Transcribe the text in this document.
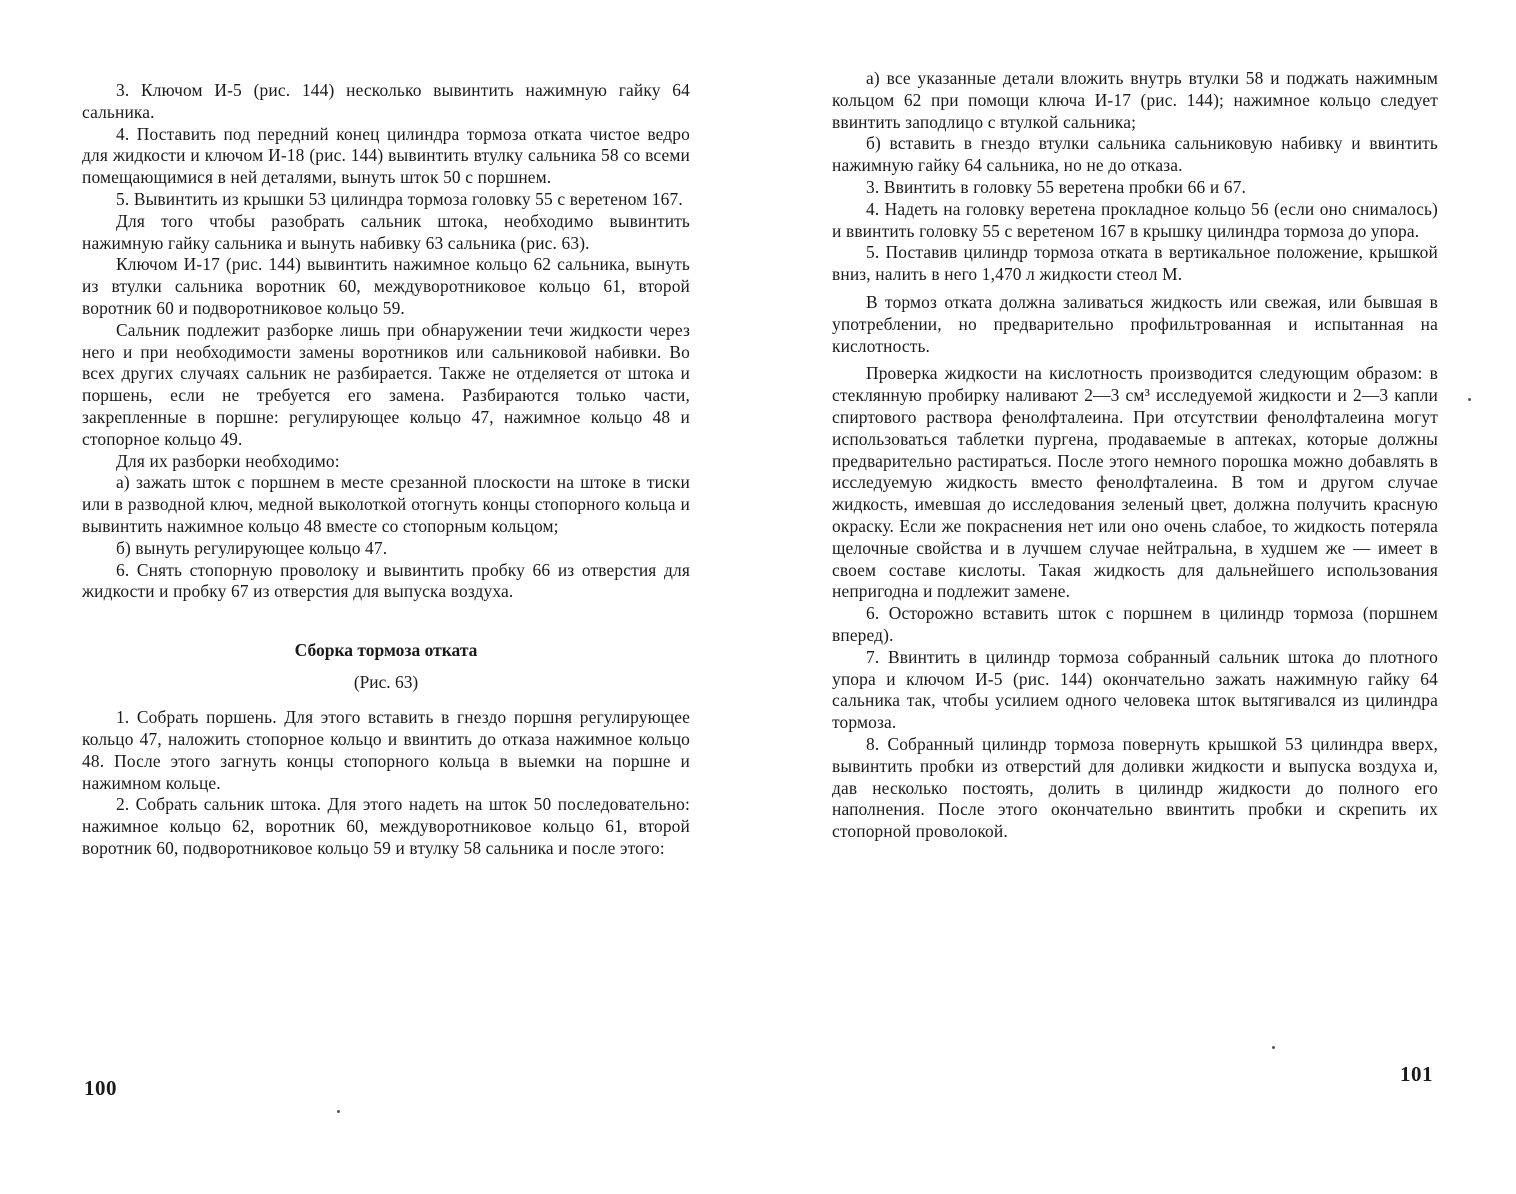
3. Ключом И-5 (рис. 144) несколько вывинтить нажимную гайку 64 сальника.

4. Поставить под передний конец цилиндра тормоза отката чистое ведро для жидкости и ключом И-18 (рис. 144) вывинтить втулку сальника 58 со всеми помещающимися в ней деталями, вынуть шток 50 с поршнем.

5. Вывинтить из крышки 53 цилиндра тормоза головку 55 с веретеном 167.

Для того чтобы разобрать сальник штока, необходимо вывинтить нажимную гайку сальника и вынуть набивку 63 сальника (рис. 63).

Ключом И-17 (рис. 144) вывинтить нажимное кольцо 62 сальника, вынуть из втулки сальника воротник 60, междуворотниковое кольцо 61, второй воротник 60 и подворотниковое кольцо 59.

Сальник подлежит разборке лишь при обнаружении течи жидкости через него и при необходимости замены воротников или сальниковой набивки. Во всех других случаях сальник не разбирается. Также не отделяется от штока и поршень, если не требуется его замена. Разбираются только части, закрепленные в поршне: регулирующее кольцо 47, нажимное кольцо 48 и стопорное кольцо 49.

Для их разборки необходимо:

а) зажать шток с поршнем в месте срезанной плоскости на штоке в тиски или в разводной ключ, медной выколоткой отогнуть концы стопорного кольца и вывинтить нажимное кольцо 48 вместе со стопорным кольцом;

б) вынуть регулирующее кольцо 47.

6. Снять стопорную проволоку и вывинтить пробку 66 из отверстия для жидкости и пробку 67 из отверстия для выпуска воздуха.

Сборка тормоза отката
(Рис. 63)

1. Собрать поршень. Для этого вставить в гнездо поршня регулирующее кольцо 47, наложить стопорное кольцо и ввинтить до отказа нажимное кольцо 48. После этого загнуть концы стопорного кольца в выемки на поршне и нажимном кольце.

2. Собрать сальник штока. Для этого надеть на шток 50 последовательно: нажимное кольцо 62, воротник 60, междуворотниковое кольцо 61, второй воротник 60, подворотниковое кольцо 59 и втулку 58 сальника и после этого:

100

а) все указанные детали вложить внутрь втулки 58 и поджать нажимным кольцом 62 при помощи ключа И-17 (рис. 144); нажимное кольцо следует ввинтить заподлицо с втулкой сальника;

б) вставить в гнездо втулки сальника сальниковую набивку и ввинтить нажимную гайку 64 сальника, но не до отказа.

3. Ввинтить в головку 55 веретена пробки 66 и 67.

4. Надеть на головку веретена прокладное кольцо 56 (если оно снималось) и ввинтить головку 55 с веретеном 167 в крышку цилиндра тормоза до упора.

5. Поставив цилиндр тормоза отката в вертикальное положение, крышкой вниз, налить в него 1,470 л жидкости стеол М.

В тормоз отката должна заливаться жидкость или свежая, или бывшая в употреблении, но предварительно профильтрованная и испытанная на кислотность.

Проверка жидкости на кислотность производится следующим образом: в стеклянную пробирку наливают 2—3 см³ исследуемой жидкости и 2—3 капли спиртового раствора фенолфталеина. При отсутствии фенолфталеина могут использоваться таблетки пургена, продаваемые в аптеках, которые должны предварительно растираться. После этого немного порошка можно добавлять в исследуемую жидкость вместо фенолфталеина. В том и другом случае жидкость, имевшая до исследования зеленый цвет, должна получить красную окраску. Если же покраснения нет или оно очень слабое, то жидкость потеряла щелочные свойства и в лучшем случае нейтральна, в худшем же — имеет в своем составе кислоты. Такая жидкость для дальнейшего использования непригодна и подлежит замене.

6. Осторожно вставить шток с поршнем в цилиндр тормоза (поршнем вперед).

7. Ввинтить в цилиндр тормоза собранный сальник штока до плотного упора и ключом И-5 (рис. 144) окончательно зажать нажимную гайку 64 сальника так, чтобы усилием одного человека шток вытягивался из цилиндра тормоза.

8. Собранный цилиндр тормоза повернуть крышкой 53 цилиндра вверх, вывинтить пробки из отверстий для доливки жидкости и выпуска воздуха и, дав несколько постоять, долить в цилиндр жидкости до полного его наполнения. После этого окончательно ввинтить пробки и скрепить их стопорной проволокой.

101
